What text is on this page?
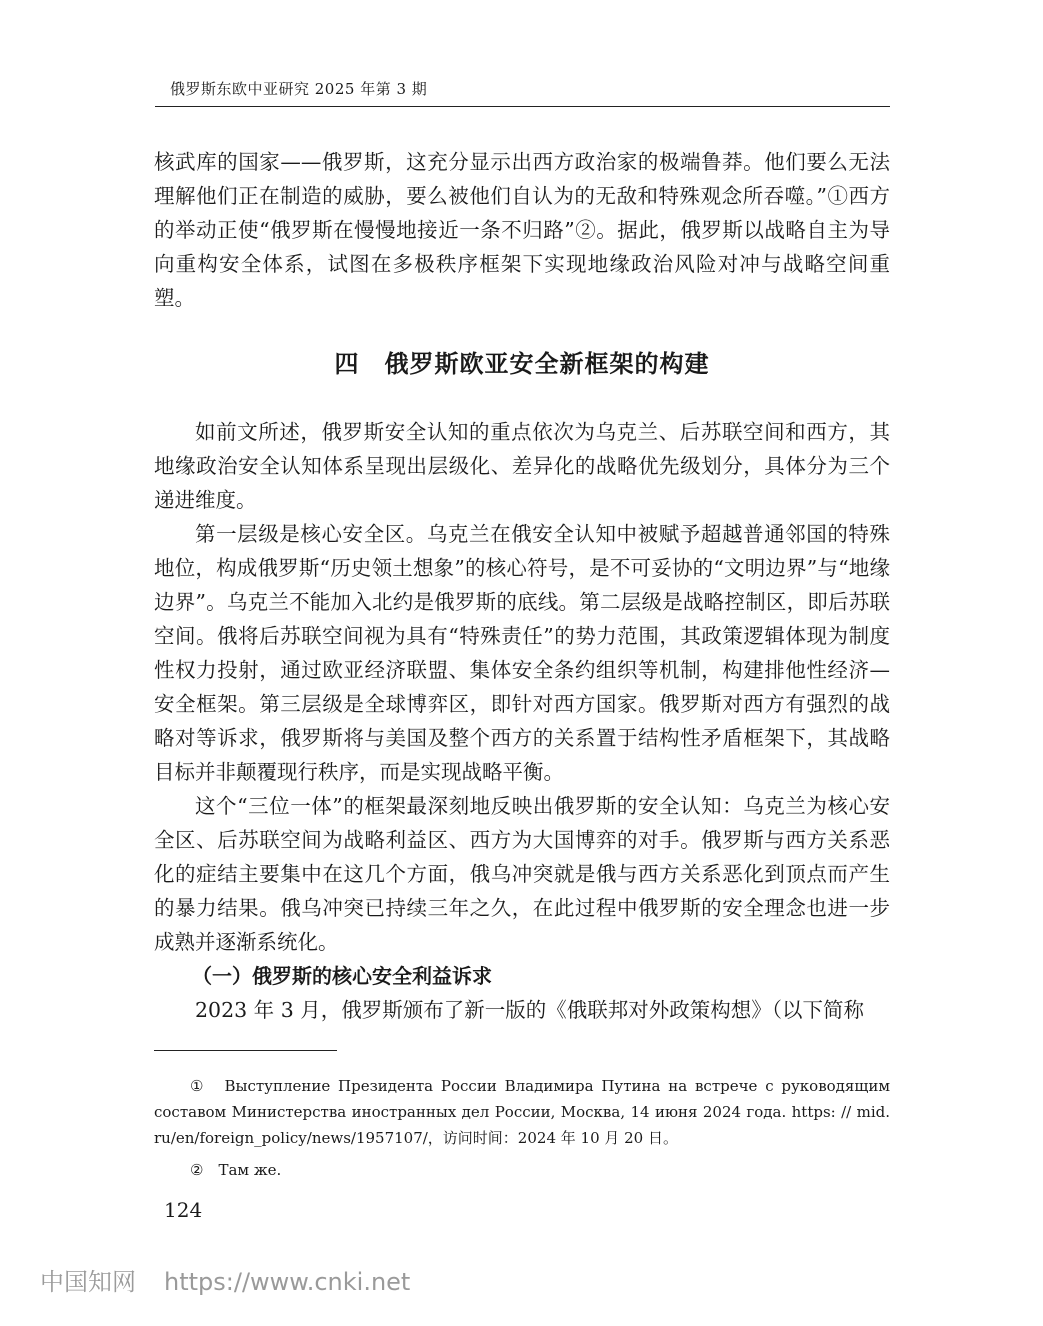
俄罗斯东欧中亚研究 2025 年第 3 期

核武库的国家——俄罗斯，这充分显示出西方政治家的极端鲁莽。他们要么无法理解他们正在制造的威胁，要么被他们自认为的无敌和特殊观念所吞噬。”①西方的举动正使“俄罗斯在慢慢地接近一条不归路”②。据此，俄罗斯以战略自主为导向重构安全体系，试图在多极秩序框架下实现地缘政治风险对冲与战略空间重塑。

四　俄罗斯欧亚安全新框架的构建

如前文所述，俄罗斯安全认知的重点依次为乌克兰、后苏联空间和西方，其地缘政治安全认知体系呈现出层级化、差异化的战略优先级划分，具体分为三个递进维度。

第一层级是核心安全区。乌克兰在俄安全认知中被赋予超越普通邻国的特殊地位，构成俄罗斯“历史领土想象”的核心符号，是不可妥协的“文明边界”与“地缘边界”。乌克兰不能加入北约是俄罗斯的底线。第二层级是战略控制区，即后苏联空间。俄将后苏联空间视为具有“特殊责任”的势力范围，其政策逻辑体现为制度性权力投射，通过欧亚经济联盟、集体安全条约组织等机制，构建排他性经济—安全框架。第三层级是全球博弈区，即针对西方国家。俄罗斯对西方有强烈的战略对等诉求，俄罗斯将与美国及整个西方的关系置于结构性矛盾框架下，其战略目标并非颠覆现行秩序，而是实现战略平衡。

这个“三位一体”的框架最深刻地反映出俄罗斯的安全认知：乌克兰为核心安全区、后苏联空间为战略利益区、西方为大国博弈的对手。俄罗斯与西方关系恶化的症结主要集中在这几个方面，俄乌冲突就是俄与西方关系恶化到顶点而产生的暴力结果。俄乌冲突已持续三年之久，在此过程中俄罗斯的安全理念也进一步成熟并逐渐系统化。

（一）俄罗斯的核心安全利益诉求

2023 年 3 月，俄罗斯颁布了新一版的《俄联邦对外政策构想》（以下简称

①　Выступление Президента России Владимира Путина на встрече с руководящим составом Министерства иностранных дел России, Москва, 14 июня 2024 года. https: // mid. ru/en/foreign_policy/news/1957107/，访问时间：2024 年 10 月 20 日。

②　Там же.

124
中国知网 https://www.cnki.net
